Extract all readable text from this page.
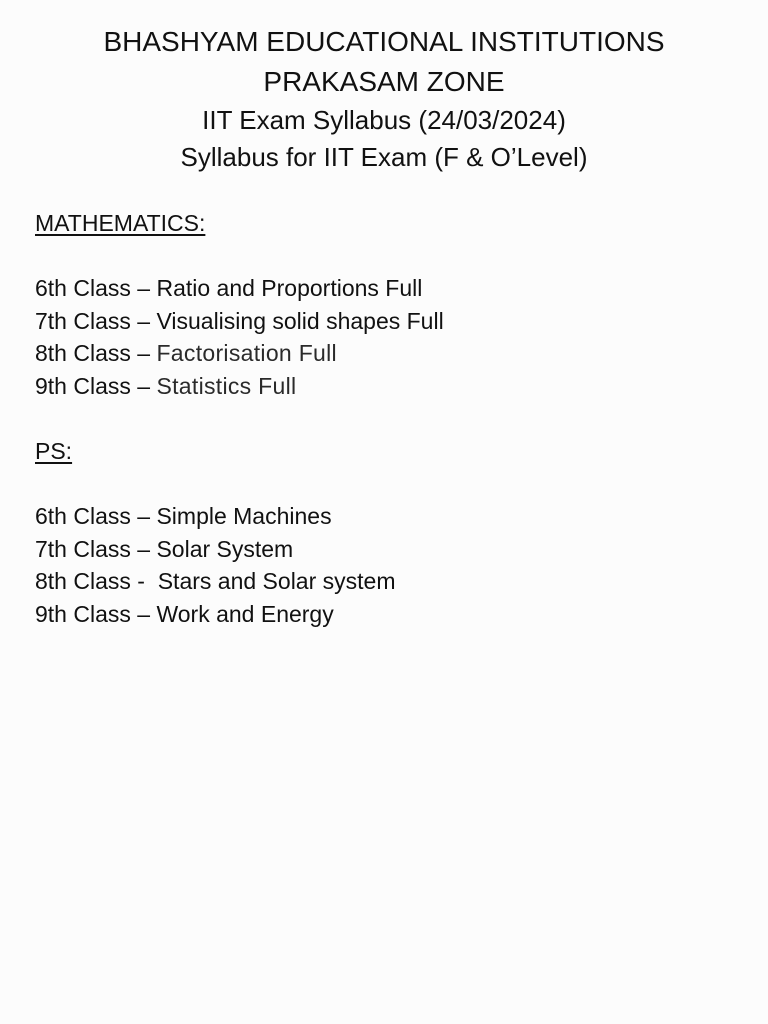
BHASHYAM EDUCATIONAL INSTITUTIONS
PRAKASAM ZONE
IIT Exam Syllabus (24/03/2024)
Syllabus for IIT Exam (F & O’Level)
MATHEMATICS:
6th Class – Ratio and Proportions Full
7th Class – Visualising solid shapes Full
8th Class – Factorisation Full
9th Class – Statistics Full
PS:
6th Class – Simple Machines
7th Class – Solar System
8th Class -  Stars and Solar system
9th Class – Work and Energy
